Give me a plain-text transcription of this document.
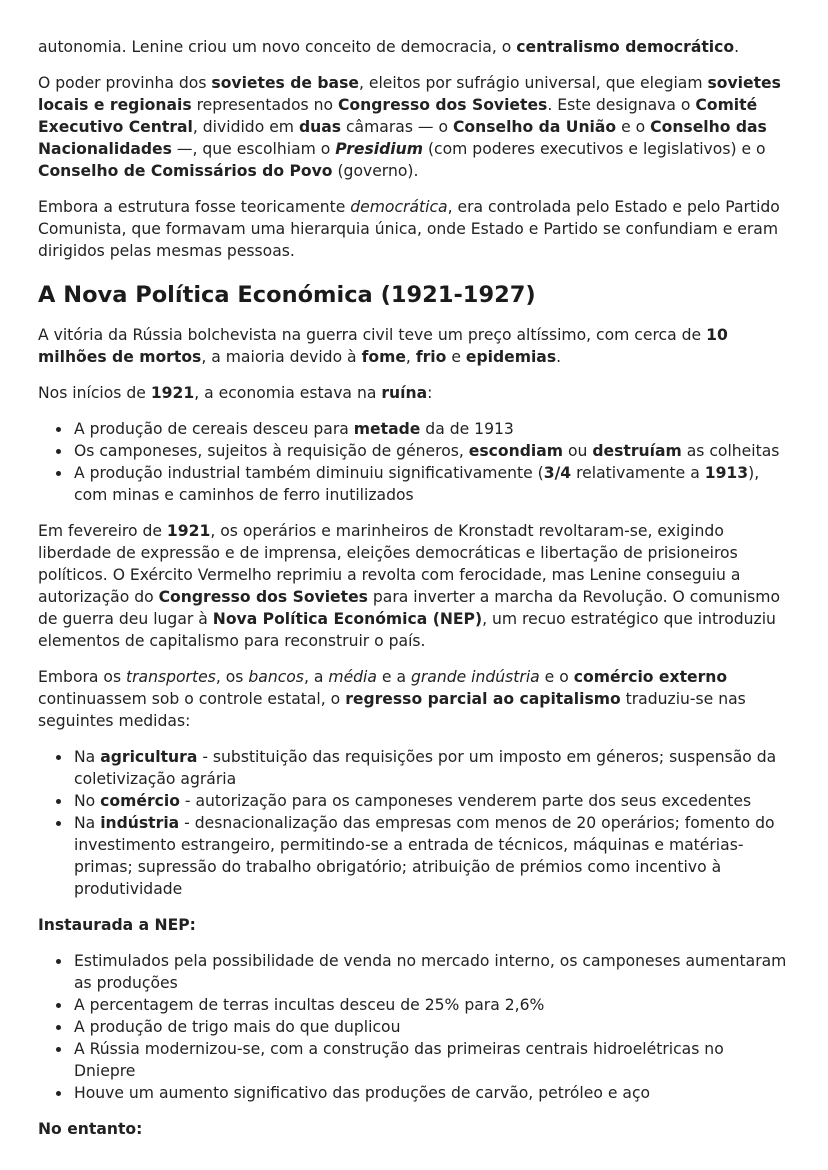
autonomia. Lenine criou um novo conceito de democracia, o centralismo democrático.

O poder provinha dos sovietes de base, eleitos por sufrágio universal, que elegiam sovietes locais e regionais representados no Congresso dos Sovietes. Este designava o Comité Executivo Central, dividido em duas câmaras — o Conselho da União e o Conselho das Nacionalidades —, que escolhiam o Presidium (com poderes executivos e legislativos) e o Conselho de Comissários do Povo (governo).

Embora a estrutura fosse teoricamente democrática, era controlada pelo Estado e pelo Partido Comunista, que formavam uma hierarquia única, onde Estado e Partido se confundiam e eram dirigidos pelas mesmas pessoas.

A Nova Política Económica (1921-1927)

A vitória da Rússia bolchevista na guerra civil teve um preço altíssimo, com cerca de 10 milhões de mortos, a maioria devido à fome, frio e epidemias.

Nos inícios de 1921, a economia estava na ruína:

• A produção de cereais desceu para metade da de 1913
• Os camponeses, sujeitos à requisição de géneros, escondiam ou destruíam as colheitas
• A produção industrial também diminuiu significativamente (3/4 relativamente a 1913), com minas e caminhos de ferro inutilizados

Em fevereiro de 1921, os operários e marinheiros de Kronstadt revoltaram-se, exigindo liberdade de expressão e de imprensa, eleições democráticas e libertação de prisioneiros políticos. O Exército Vermelho reprimiu a revolta com ferocidade, mas Lenine conseguiu a autorização do Congresso dos Sovietes para inverter a marcha da Revolução. O comunismo de guerra deu lugar à Nova Política Económica (NEP), um recuo estratégico que introduziu elementos de capitalismo para reconstruir o país.

Embora os transportes, os bancos, a média e a grande indústria e o comércio externo continuassem sob o controle estatal, o regresso parcial ao capitalismo traduziu-se nas seguintes medidas:

• Na agricultura - substituição das requisições por um imposto em géneros; suspensão da coletivização agrária
• No comércio - autorização para os camponeses venderem parte dos seus excedentes
• Na indústria - desnacionalização das empresas com menos de 20 operários; fomento do investimento estrangeiro, permitindo-se a entrada de técnicos, máquinas e matérias-primas; supressão do trabalho obrigatório; atribuição de prémios como incentivo à produtividade

Instaurada a NEP:

• Estimulados pela possibilidade de venda no mercado interno, os camponeses aumentaram as produções
• A percentagem de terras incultas desceu de 25% para 2,6%
• A produção de trigo mais do que duplicou
• A Rússia modernizou-se, com a construção das primeiras centrais hidroelétricas no Dniepre
• Houve um aumento significativo das produções de carvão, petróleo e aço

No entanto:
